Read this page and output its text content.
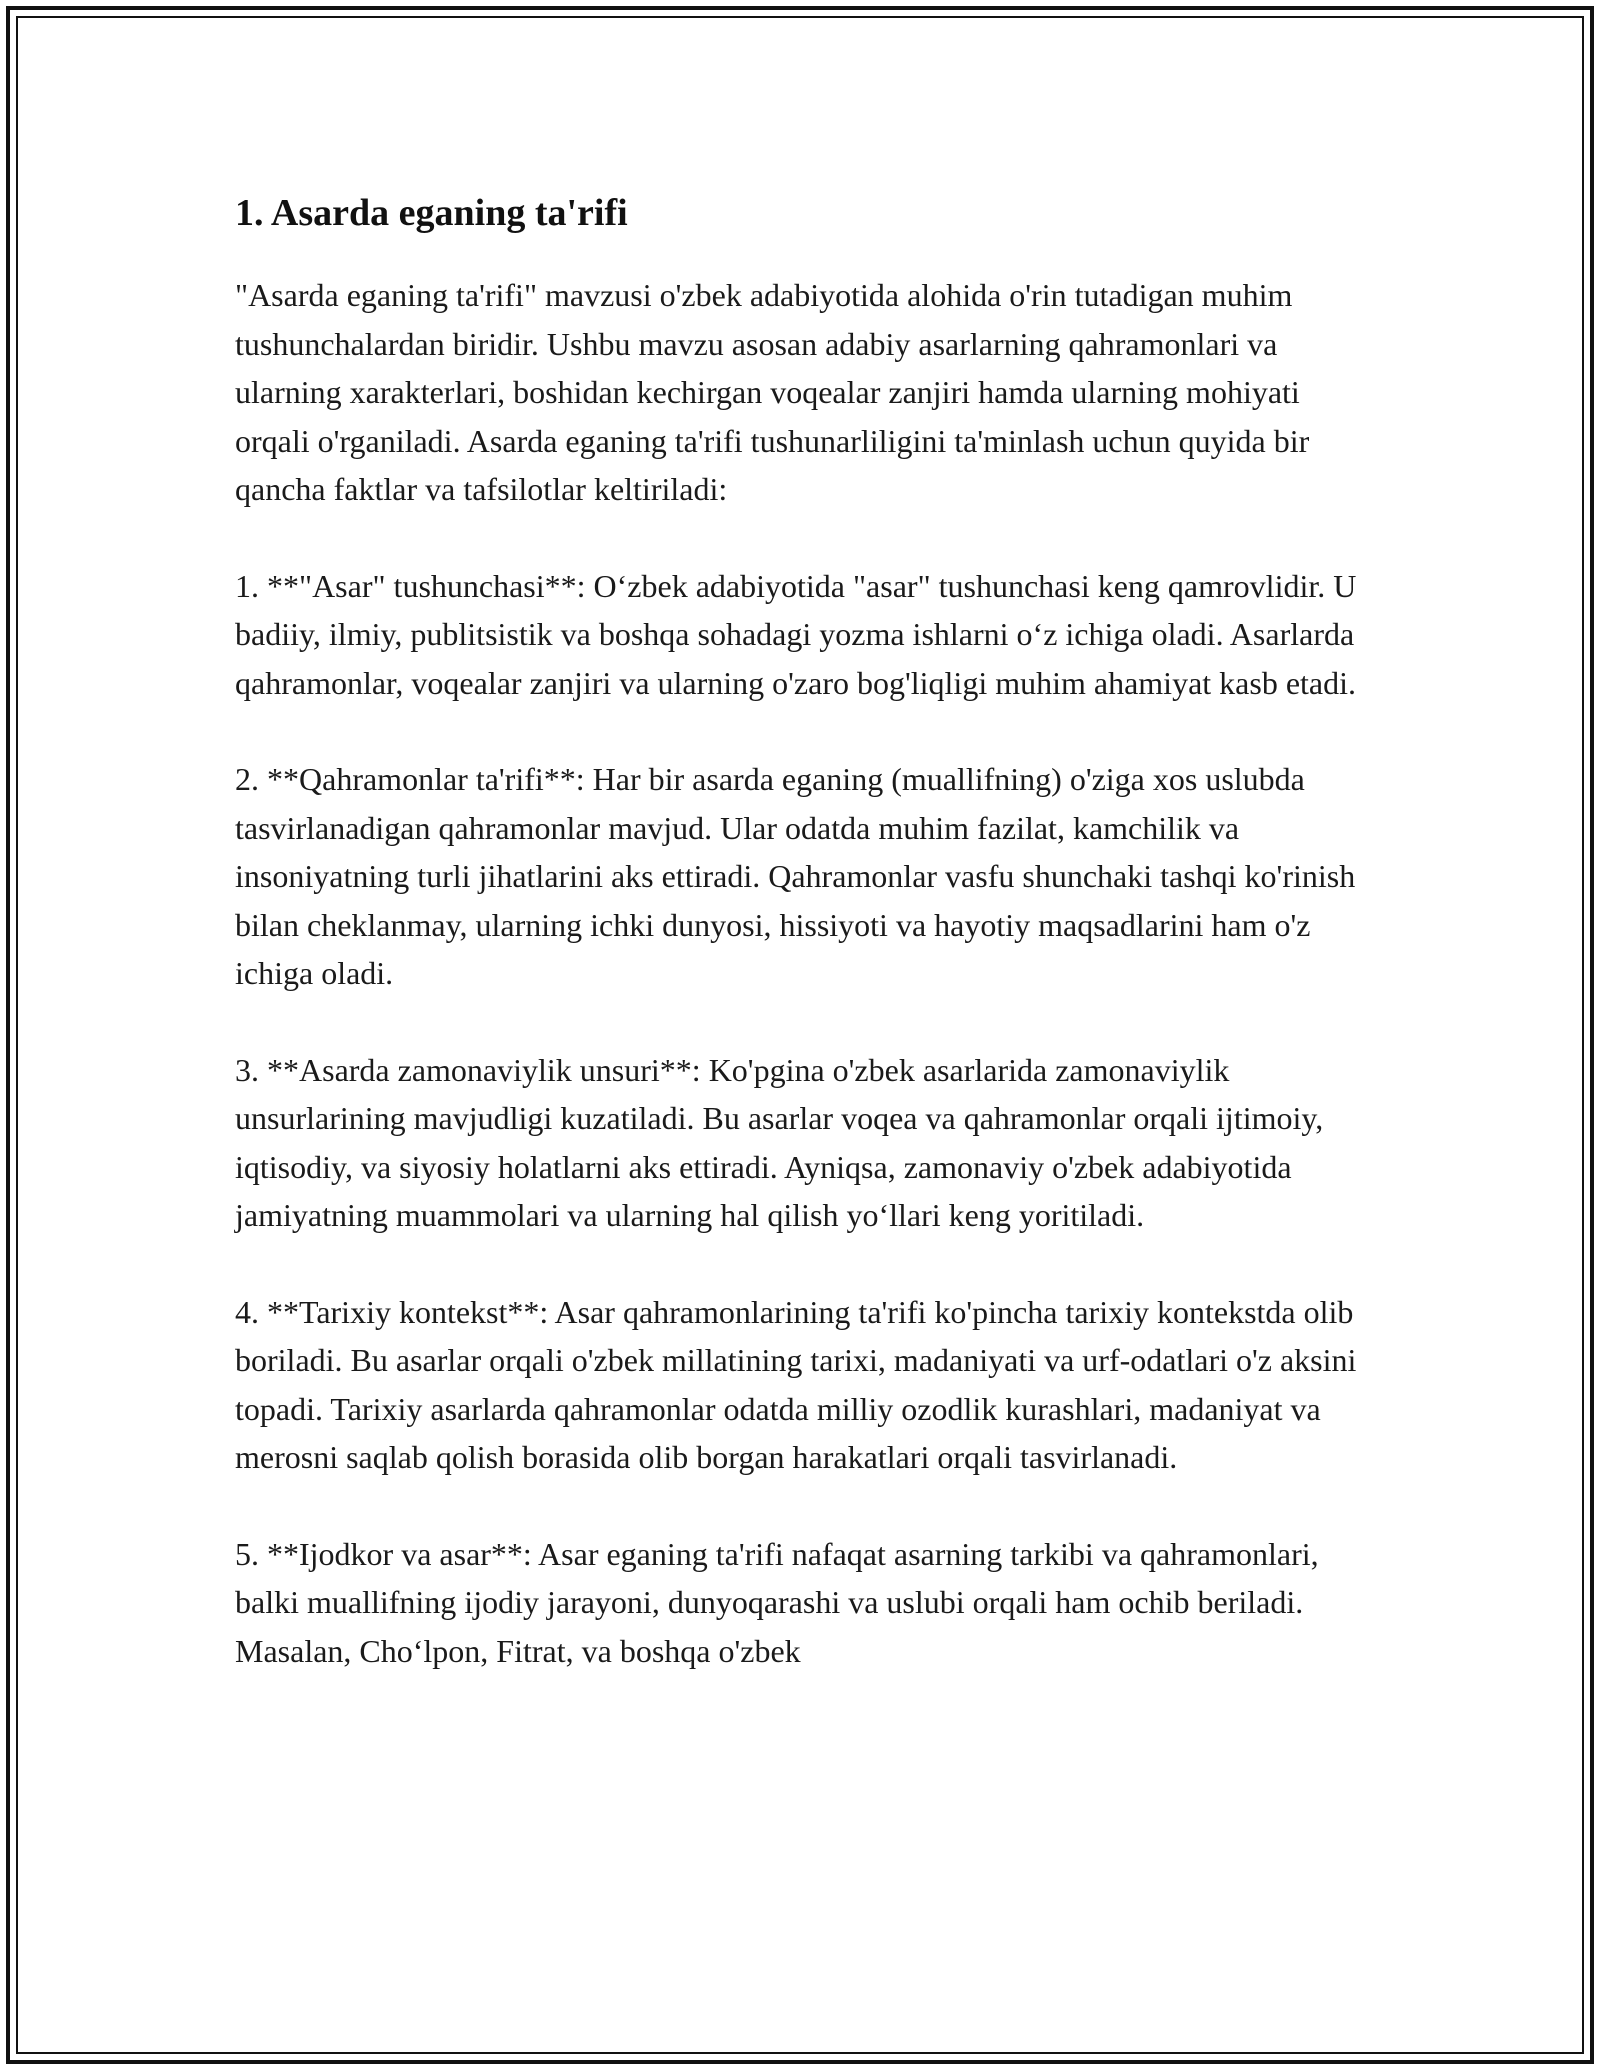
1. Asarda eganing ta'rifi

"Asarda eganing ta'rifi" mavzusi o'zbek adabiyotida alohida o'rin tutadigan muhim tushunchalardan biridir. Ushbu mavzu asosan adabiy asarlarning qahramonlari va ularning xarakterlari, boshidan kechirgan voqealar zanjiri hamda ularning mohiyati orqali o'rganiladi. Asarda eganing ta'rifi tushunarliligini ta'minlash uchun quyida bir qancha faktlar va tafsilotlar keltiriladi:

1. **"Asar" tushunchasi**: O‘zbek adabiyotida "asar" tushunchasi keng qamrovlidir. U badiiy, ilmiy, publitsistik va boshqa sohadagi yozma ishlarni o‘z ichiga oladi. Asarlarda qahramonlar, voqealar zanjiri va ularning o'zaro bog'liqligi muhim ahamiyat kasb etadi.

2. **Qahramonlar ta'rifi**: Har bir asarda eganing (muallifning) o'ziga xos uslubda tasvirlanadigan qahramonlar mavjud. Ular odatda muhim fazilat, kamchilik va insoniyatning turli jihatlarini aks ettiradi. Qahramonlar vasfu shunchaki tashqi ko'rinish bilan cheklanmay, ularning ichki dunyosi, hissiyoti va hayotiy maqsadlarini ham o'z ichiga oladi.

3. **Asarda zamonaviylik unsuri**: Ko'pgina o'zbek asarlarida zamonaviylik unsurlarining mavjudligi kuzatiladi. Bu asarlar voqea va qahramonlar orqali ijtimoiy, iqtisodiy, va siyosiy holatlarni aks ettiradi. Ayniqsa, zamonaviy o'zbek adabiyotida jamiyatning muammolari va ularning hal qilish yo‘llari keng yoritiladi.

4. **Tarixiy kontekst**: Asar qahramonlarining ta'rifi ko'pincha tarixiy kontekstda olib boriladi. Bu asarlar orqali o'zbek millatining tarixi, madaniyati va urf-odatlari o'z aksini topadi. Tarixiy asarlarda qahramonlar odatda milliy ozodlik kurashlari, madaniyat va merosni saqlab qolish borasida olib borgan harakatlari orqali tasvirlanadi.

5. **Ijodkor va asar**: Asar eganing ta'rifi nafaqat asarning tarkibi va qahramonlari, balki muallifning ijodiy jarayoni, dunyoqarashi va uslubi orqali ham ochib beriladi. Masalan, Cho‘lpon, Fitrat, va boshqa o'zbek
